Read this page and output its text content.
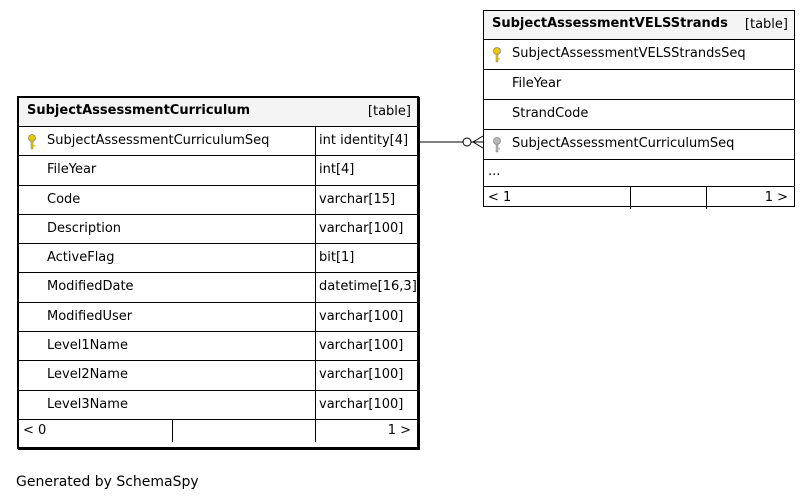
SubjectAssessmentCurriculum	[table]
SubjectAssessmentCurriculumSeq	int identity[4]
FileYear	int[4]
Code	varchar[15]
Description	varchar[100]
ActiveFlag	bit[1]
ModifiedDate	datetime[16,3]
ModifiedUser	varchar[100]
Level1Name	varchar[100]
Level2Name	varchar[100]
Level3Name	varchar[100]
< 0	1 >
SubjectAssessmentVELSStrands [table]
SubjectAssessmentVELSStrandsSeq
FileYear
StrandCode
SubjectAssessmentCurriculumSeq
...
< 1	1 >
Generated by SchemaSpy
